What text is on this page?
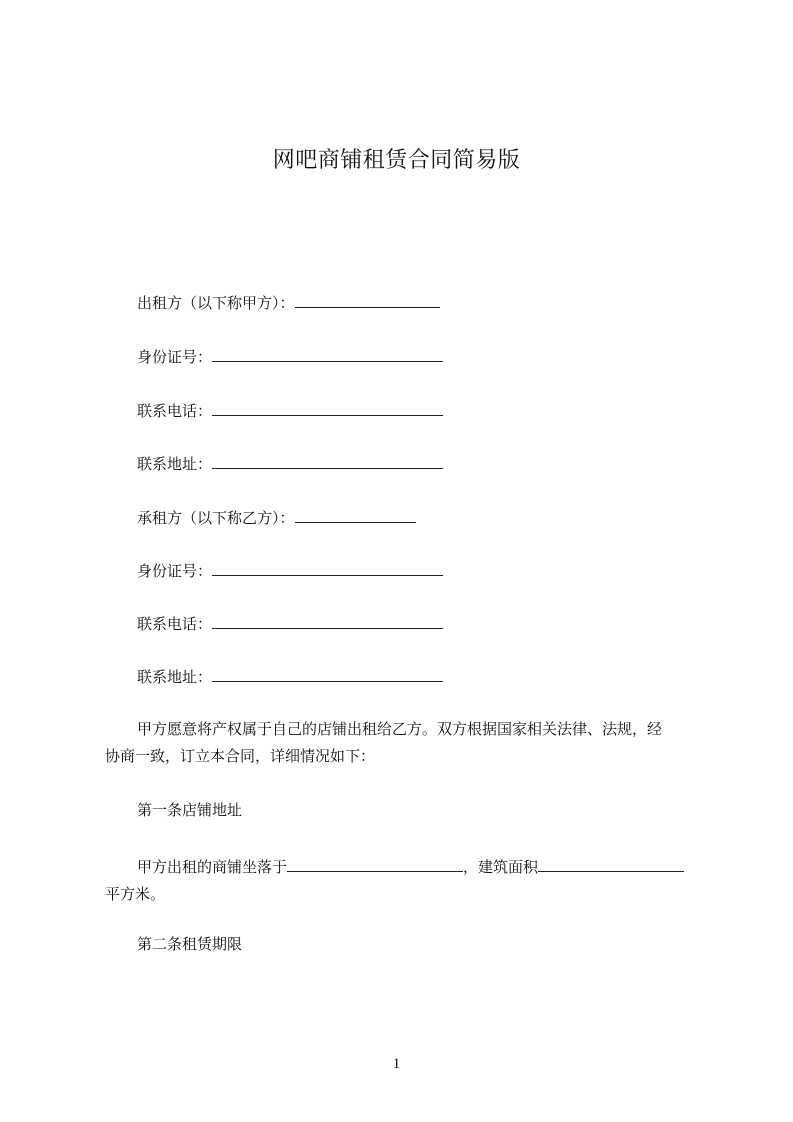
网吧商铺租赁合同简易版
出租方（以下称甲方）：
身份证号：
联系电话：
联系地址：
承租方（以下称乙方）：
身份证号：
联系电话：
联系地址：
甲方愿意将产权属于自己的店铺出租给乙方。双方根据国家相关法律、法规，经
协商一致，订立本合同，详细情况如下：
第一条店铺地址
甲方出租的商铺坐落于	，建筑面积
平方米。
第二条租赁期限
1
